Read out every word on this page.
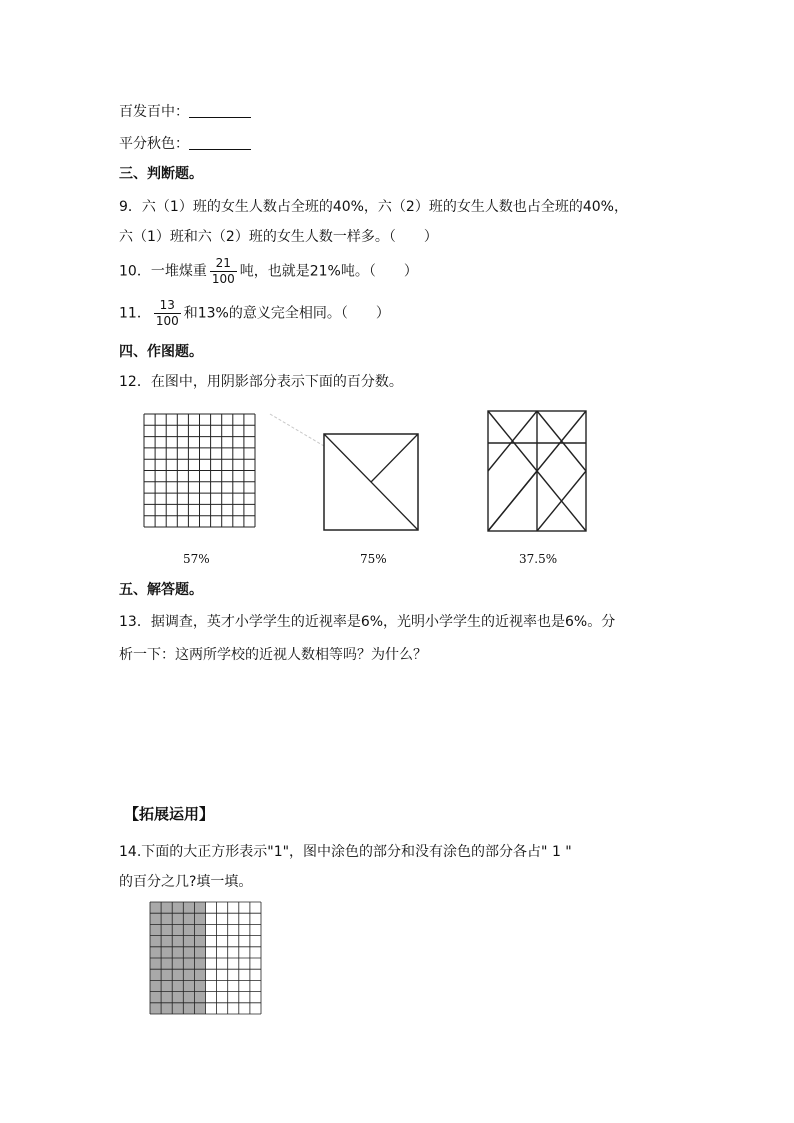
百发百中：
平分秋色：
三、判断题。
9．六（1）班的女生人数占全班的40%，六（2）班的女生人数也占全班的40%，
六（1）班和六（2）班的女生人数一样多。（　　）
10．一堆煤重 $\frac{21}{100}$ 吨，也就是21%吨。（　　）
11． $\frac{13}{100}$ 和13%的意义完全相同。（　　）
四、作图题。
12．在图中，用阴影部分表示下面的百分数。
57%	75%	37.5%
五、解答题。
13．据调查，英才小学学生的近视率是6%，光明小学学生的近视率也是6%。分
析一下：这两所学校的近视人数相等吗？为什么？
【拓展运用】
14.下面的大正方形表示"1"，图中涂色的部分和没有涂色的部分各占" 1 "
的百分之几?填一填。
